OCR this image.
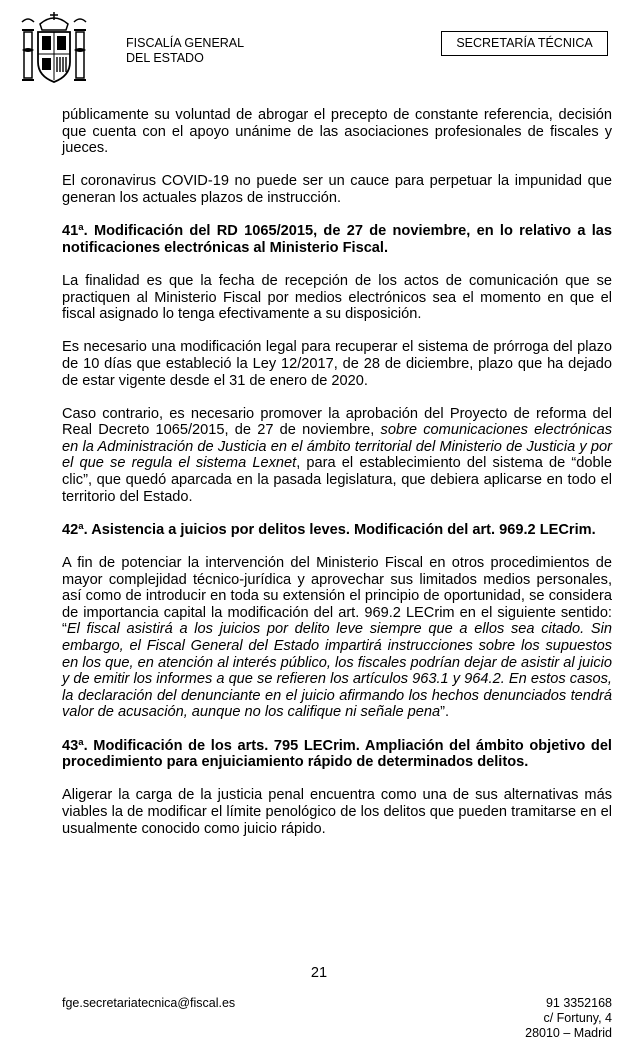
FISCALÍA GENERAL
DEL ESTADO
SECRETARÍA TÉCNICA

públicamente su voluntad de abrogar el precepto de constante referencia, decisión que cuenta con el apoyo unánime de las asociaciones profesionales de fiscales y jueces.

El coronavirus COVID-19 no puede ser un cauce para perpetuar la impunidad que generan los actuales plazos de instrucción.

41ª. Modificación del RD 1065/2015, de 27 de noviembre, en lo relativo a las notificaciones electrónicas al Ministerio Fiscal.

La finalidad es que la fecha de recepción de los actos de comunicación que se practiquen al Ministerio Fiscal por medios electrónicos sea el momento en que el fiscal asignado lo tenga efectivamente a su disposición.

Es necesario una modificación legal para recuperar el sistema de prórroga del plazo de 10 días que estableció la Ley 12/2017, de 28 de diciembre, plazo que ha dejado de estar vigente desde el 31 de enero de 2020.

Caso contrario, es necesario promover la aprobación del Proyecto de reforma del Real Decreto 1065/2015, de 27 de noviembre, sobre comunicaciones electrónicas en la Administración de Justicia en el ámbito territorial del Ministerio de Justicia y por el que se regula el sistema Lexnet, para el establecimiento del sistema de “doble clic”, que quedó aparcada en la pasada legislatura, que debiera aplicarse en todo el territorio del Estado.

42ª. Asistencia a juicios por delitos leves. Modificación del art. 969.2 LECrim.

A fin de potenciar la intervención del Ministerio Fiscal en otros procedimientos de mayor complejidad técnico-jurídica y aprovechar sus limitados medios personales, así como de introducir en toda su extensión el principio de oportunidad, se considera de importancia capital la modificación del art. 969.2 LECrim en el siguiente sentido: “El fiscal asistirá a los juicios por delito leve siempre que a ellos sea citado. Sin embargo, el Fiscal General del Estado impartirá instrucciones sobre los supuestos en los que, en atención al interés público, los fiscales podrían dejar de asistir al juicio y de emitir los informes a que se refieren los artículos 963.1 y 964.2. En estos casos, la declaración del denunciante en el juicio afirmando los hechos denunciados tendrá valor de acusación, aunque no los califique ni señale pena”.

43ª. Modificación de los arts. 795 LECrim. Ampliación del ámbito objetivo del procedimiento para enjuiciamiento rápido de determinados delitos.

Aligerar la carga de la justicia penal encuentra como una de sus alternativas más viables la de modificar el límite penológico de los delitos que pueden tramitarse en el usualmente conocido como juicio rápido.

21
fge.secretariatecnica@fiscal.es	91 3352168
c/ Fortuny, 4
28010 – Madrid
